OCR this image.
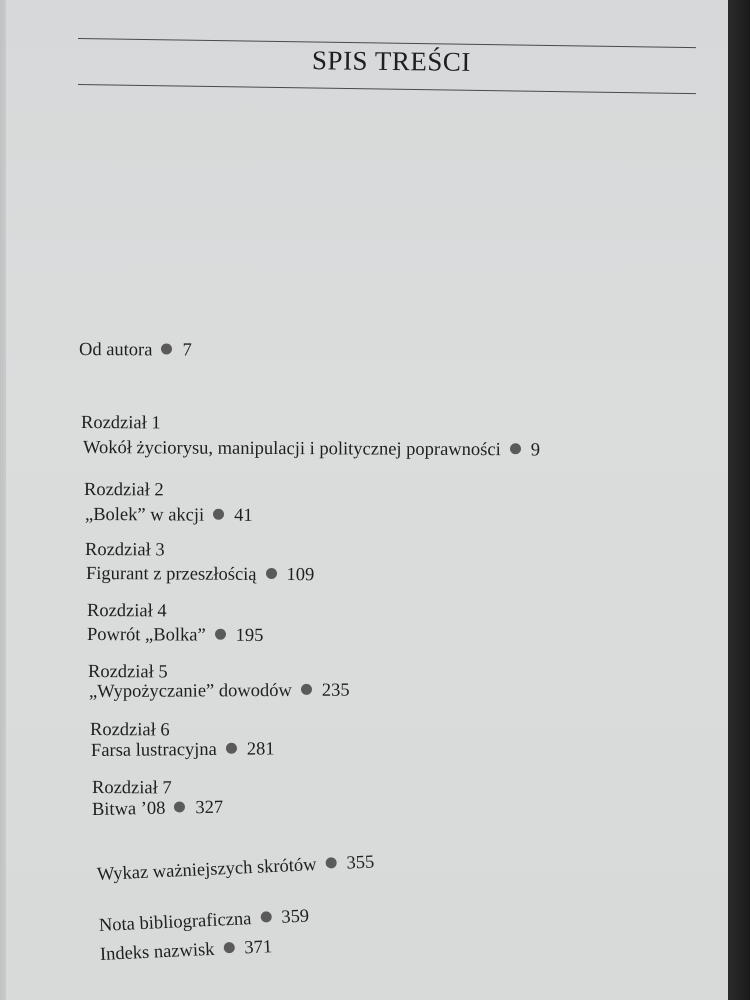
SPIS TREŚCI
Od autora 7
Rozdział 1
Wokół życiorysu, manipulacji i politycznej poprawności 9
Rozdział 2
„Bolek” w akcji 41
Rozdział 3
Figurant z przeszłością 109
Rozdział 4
Powrót „Bolka” 195
Rozdział 5
„Wypożyczanie” dowodów 235
Rozdział 6
Farsa lustracyjna 281
Rozdział 7
Bitwa ’08 327
Wykaz ważniejszych skrótów 355
Nota bibliograficzna 359
Indeks nazwisk 371
